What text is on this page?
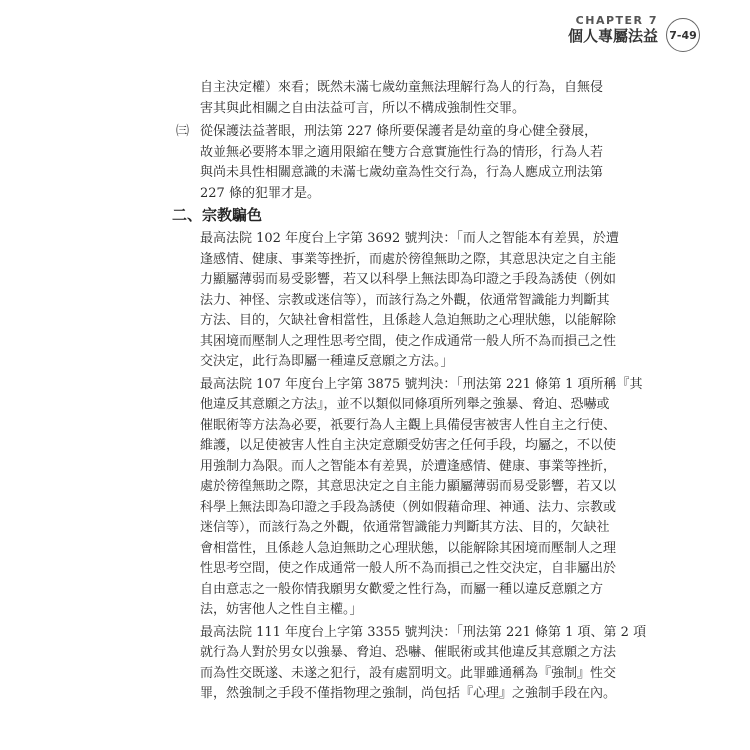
CHAPTER 7
個人專屬法益 7-49

自主決定權）來看；既然未滿七歲幼童無法理解行為人的行為，自無侵

害其與此相關之自由法益可言，所以不構成強制性交罪。

㈢ 從保護法益著眼，刑法第 227 條所要保護者是幼童的身心健全發展，

故並無必要將本罪之適用限縮在雙方合意實施性行為的情形，行為人若

與尚未具性相關意識的未滿七歲幼童為性交行為，行為人應成立刑法第

227 條的犯罪才是。

二、宗教騙色

最高法院 102 年度台上字第 3692 號判決：「而人之智能本有差異，於遭

逢感情、健康、事業等挫折，而處於徬徨無助之際，其意思決定之自主能

力顯屬薄弱而易受影響，若又以科學上無法即為印證之手段為誘使（例如

法力、神怪、宗教或迷信等），而該行為之外觀，依通常智識能力判斷其

方法、目的，欠缺社會相當性，且係趁人急迫無助之心理狀態，以能解除

其困境而壓制人之理性思考空間，使之作成通常一般人所不為而損己之性

交決定，此行為即屬一種違反意願之方法。」

最高法院 107 年度台上字第 3875 號判決：「刑法第 221 條第 1 項所稱『其

他違反其意願之方法』，並不以類似同條項所列舉之強暴、脅迫、恐嚇或

催眠術等方法為必要，祇要行為人主觀上具備侵害被害人性自主之行使、

維護，以足使被害人性自主決定意願受妨害之任何手段，均屬之，不以使

用強制力為限。而人之智能本有差異，於遭逢感情、健康、事業等挫折，

處於徬徨無助之際，其意思決定之自主能力顯屬薄弱而易受影響，若又以

科學上無法即為印證之手段為誘使（例如假藉命理、神通、法力、宗教或

迷信等），而該行為之外觀，依通常智識能力判斷其方法、目的，欠缺社

會相當性，且係趁人急迫無助之心理狀態，以能解除其困境而壓制人之理

性思考空間，使之作成通常一般人所不為而損己之性交決定，自非屬出於

自由意志之一般你情我願男女歡愛之性行為，而屬一種以違反意願之方

法，妨害他人之性自主權。」

最高法院 111 年度台上字第 3355 號判決：「刑法第 221 條第 1 項、第 2 項

就行為人對於男女以強暴、脅迫、恐嚇、催眠術或其他違反其意願之方法

而為性交既遂、未遂之犯行，設有處罰明文。此罪雖通稱為『強制』性交

罪，然強制之手段不僅指物理之強制，尚包括『心理』之強制手段在內。
